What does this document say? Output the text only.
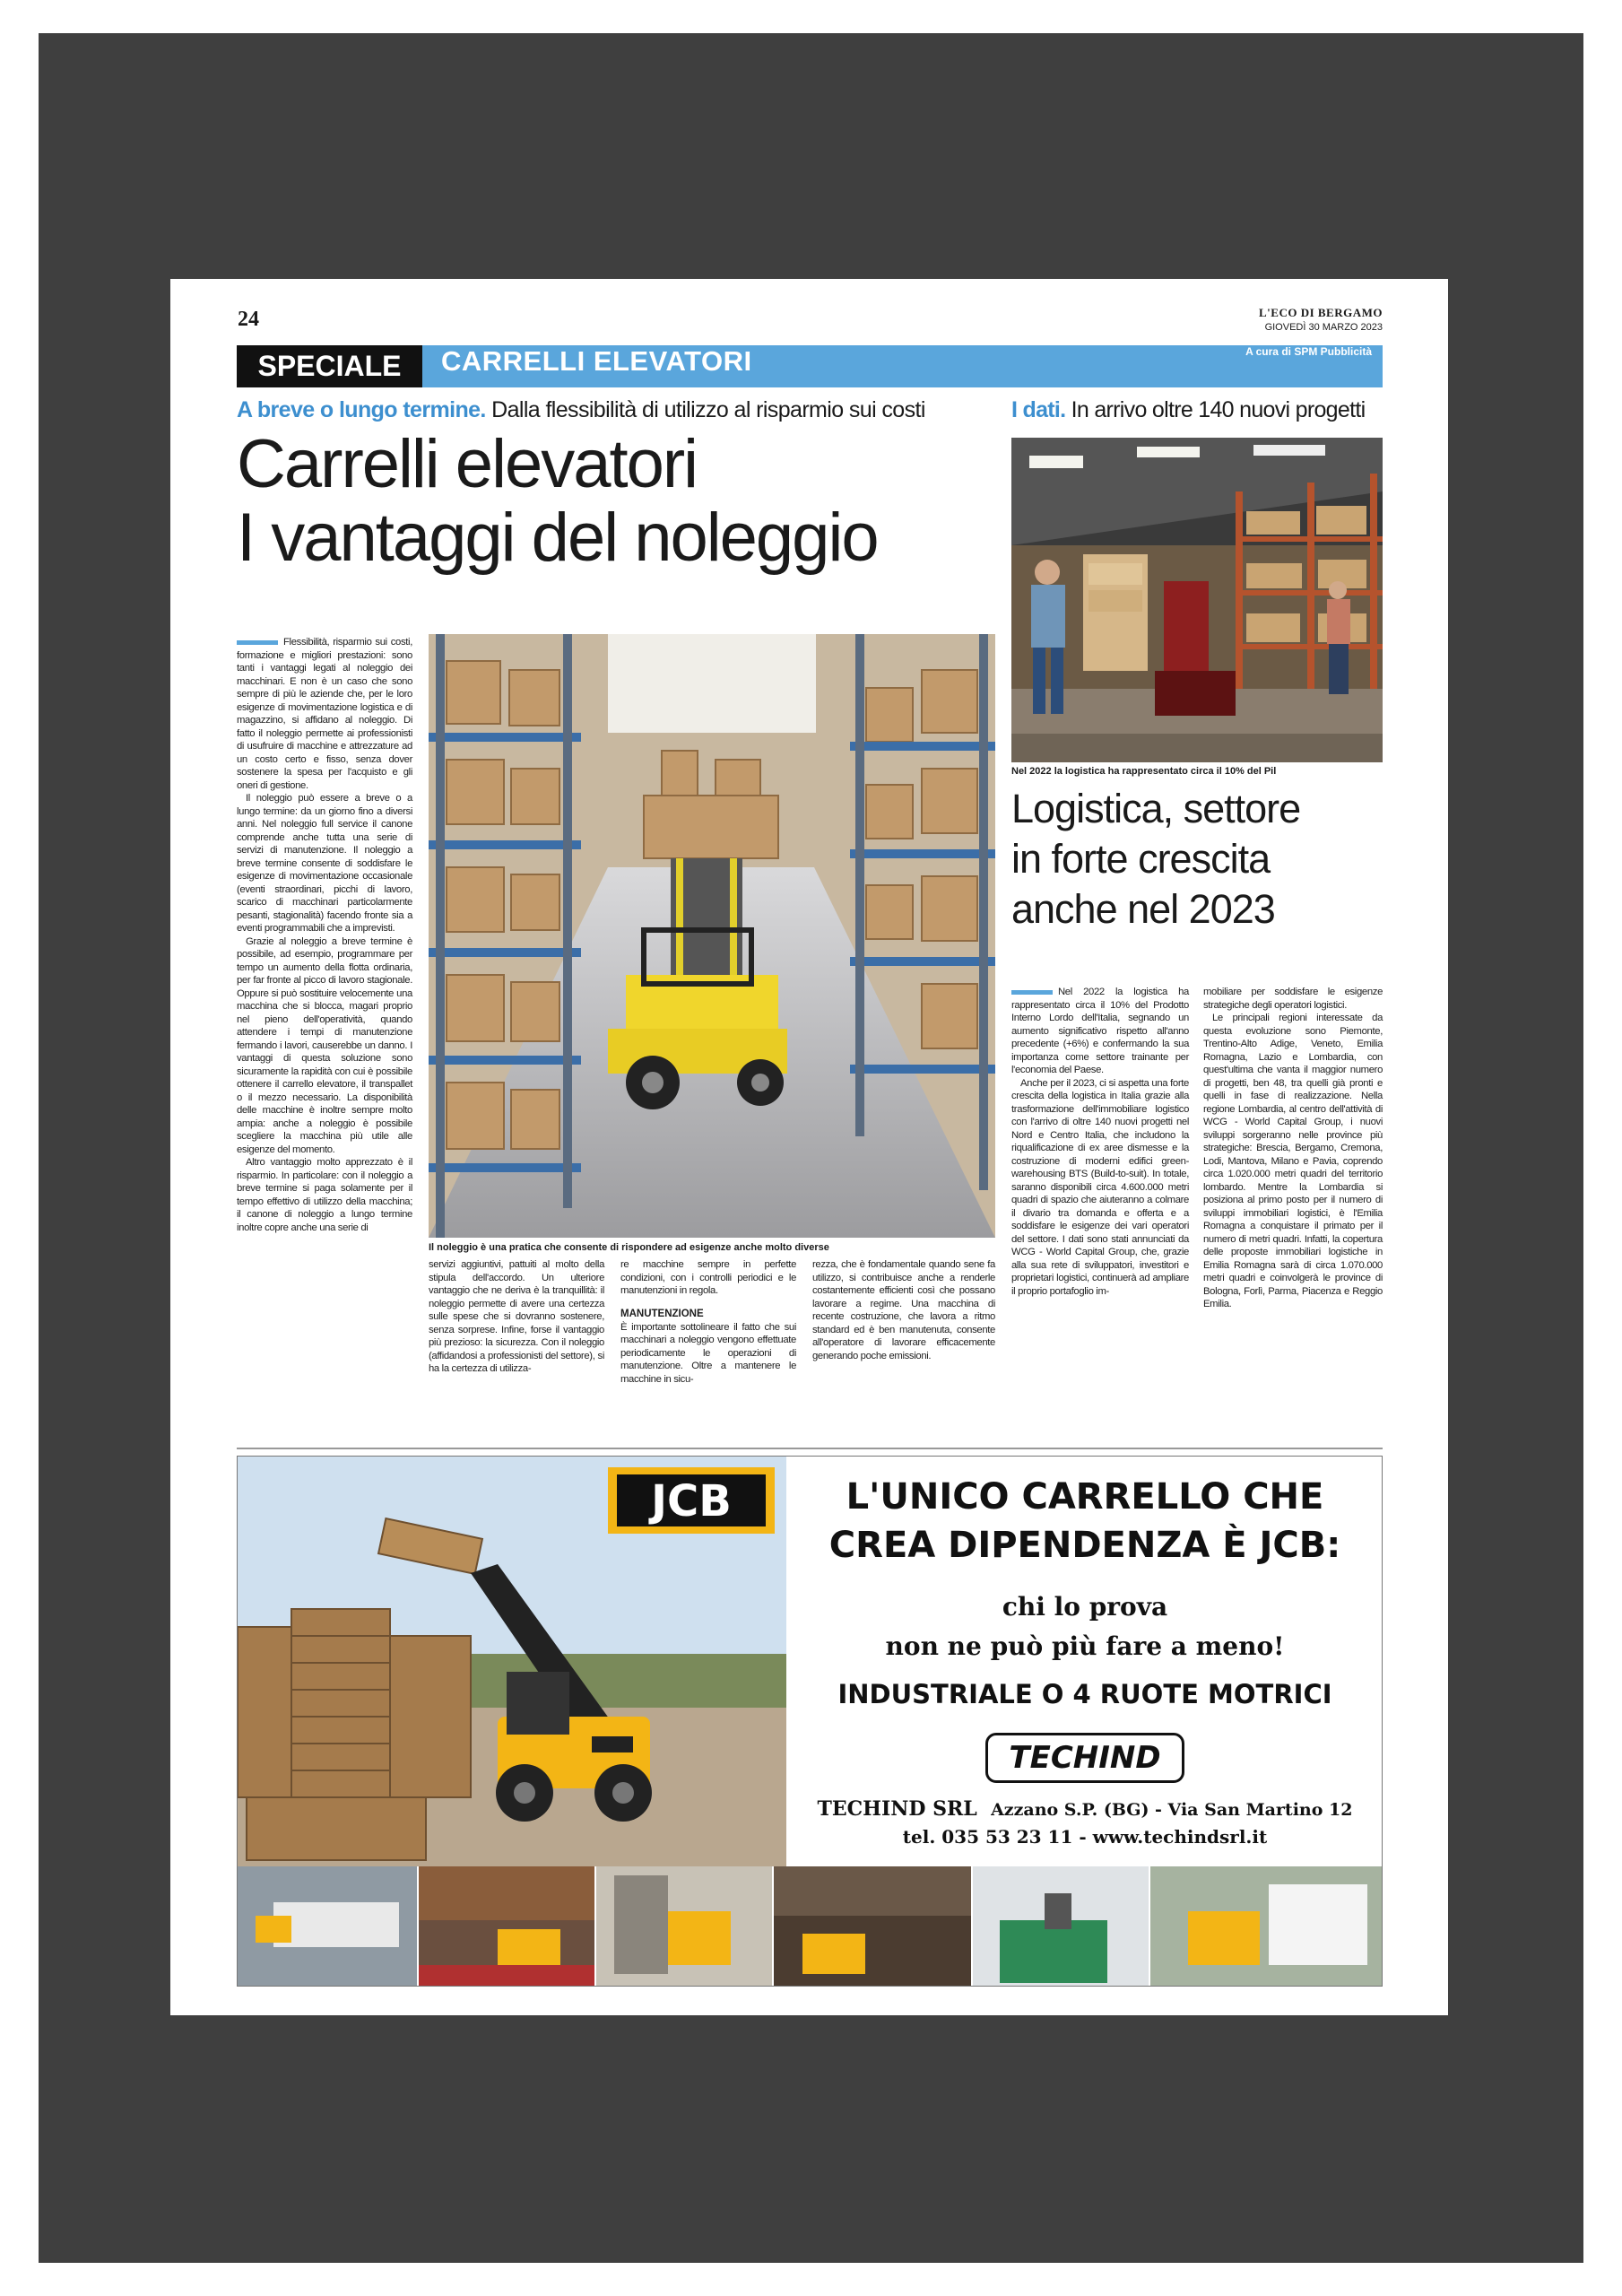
24	L'ECO DI BERGAMO
GIOVEDÌ 30 MARZO 2023
SPECIALE	CARRELLI ELEVATORI	A cura di SPM Pubblicità
A breve o lungo termine. Dalla flessibilità di utilizzo al risparmio sui costi	I dati. In arrivo oltre 140 nuovi progetti
Carrelli elevatori
I vantaggi del noleggio
Nel 2022 la logistica ha rappresentato circa il 10% del Pil
Logistica, settore
in forte crescita
anche nel 2023
Il noleggio è una pratica che consente di rispondere ad esigenze anche molto diverse

Flessibilità, risparmio sui costi, formazione e migliori prestazioni: sono tanti i vantaggi legati al noleggio dei macchinari. E non è un caso che sono sempre di più le aziende che, per le loro esigenze di movimentazione logistica e di magazzino, si affidano al noleggio. Di fatto il noleggio permette ai professionisti di usufruire di macchine e attrezzature ad un costo certo e fisso, senza dover sostenere la spesa per l'acquisto e gli oneri di gestione.

Il noleggio può essere a breve o a lungo termine: da un giorno fino a diversi anni. Nel noleggio full service il canone comprende anche tutta una serie di servizi di manutenzione. Il noleggio a breve termine consente di soddisfare le esigenze di movimentazione occasionale (eventi straordinari, picchi di lavoro, scarico di macchinari particolarmente pesanti, stagionalità) facendo fronte sia a eventi programmabili che a imprevisti.

Grazie al noleggio a breve termine è possibile, ad esempio, programmare per tempo un aumento della flotta ordinaria, per far fronte al picco di lavoro stagionale. Oppure si può sostituire velocemente una macchina che si blocca, magari proprio nel pieno dell'operatività, quando attendere i tempi di manutenzione fermando i lavori, causerebbe un danno. I vantaggi di questa soluzione sono sicuramente la rapidità con cui è possibile ottenere il carrello elevatore, il transpallet o il mezzo necessario. La disponibilità delle macchine è inoltre sempre molto ampia: anche a noleggio è possibile scegliere la macchina più utile alle esigenze del momento.

Altro vantaggio molto apprezzato è il risparmio. In particolare: con il noleggio a breve termine si paga solamente per il tempo effettivo di utilizzo della macchina; il canone di noleggio a lungo termine inoltre copre anche una serie di

servizi aggiuntivi, pattuiti al molto della stipula dell'accordo. Un ulteriore vantaggio che ne deriva è la tranquillità: il noleggio permette di avere una certezza sulle spese che si dovranno sostenere, senza sorprese. Infine, forse il vantaggio più prezioso: la sicurezza. Con il noleggio (affidandosi a professionisti del settore), si ha la certezza di utilizza-

re macchine sempre in perfette condizioni, con i controlli periodici e le manutenzioni in regola.

MANUTENZIONE

È importante sottolineare il fatto che sui macchinari a noleggio vengono effettuate periodicamente le operazioni di manutenzione. Oltre a mantenere le macchine in sicu-

rezza, che è fondamentale quando sene fa utilizzo, si contribuisce anche a renderle costantemente efficienti così che possano lavorare a regime. Una macchina di recente costruzione, che lavora a ritmo standard ed è ben manutenuta, consente all'operatore di lavorare efficacemente generando poche emissioni.

Nel 2022 la logistica ha rappresentato circa il 10% del Prodotto Interno Lordo dell'Italia, segnando un aumento significativo rispetto all'anno precedente (+6%) e confermando la sua importanza come settore trainante per l'economia del Paese.

Anche per il 2023, ci si aspetta una forte crescita della logistica in Italia grazie alla trasformazione dell'immobiliare logistico con l'arrivo di oltre 140 nuovi progetti nel Nord e Centro Italia, che includono la riqualificazione di ex aree dismesse e la costruzione di moderni edifici green-warehousing BTS (Build-to-suit). In totale, saranno disponibili circa 4.600.000 metri quadri di spazio che aiuteranno a colmare il divario tra domanda e offerta e a soddisfare le esigenze dei vari operatori del settore. I dati sono stati annunciati da WCG - World Capital Group, che, grazie alla sua rete di sviluppatori, investitori e proprietari logistici, continuerà ad ampliare il proprio portafoglio im-

mobiliare per soddisfare le esigenze strategiche degli operatori logistici.

Le principali regioni interessate da questa evoluzione sono Piemonte, Trentino-Alto Adige, Veneto, Emilia Romagna, Lazio e Lombardia, con quest'ultima che vanta il maggior numero di progetti, ben 48, tra quelli già pronti e quelli in fase di realizzazione. Nella regione Lombardia, al centro dell'attività di WCG - World Capital Group, i nuovi sviluppi sorgeranno nelle province più strategiche: Brescia, Bergamo, Cremona, Lodi, Mantova, Milano e Pavia, coprendo circa 1.020.000 metri quadri del territorio lombardo. Mentre la Lombardia si posiziona al primo posto per il numero di sviluppi immobiliari logistici, è l'Emilia Romagna a conquistare il primato per il numero di metri quadri. Infatti, la copertura delle proposte immobiliari logistiche in Emilia Romagna sarà di circa 1.070.000 metri quadri e coinvolgerà le province di Bologna, Forlì, Parma, Piacenza e Reggio Emilia.

JCB	L'UNICO CARRELLO CHE
CREA DIPENDENZA È JCB:
chi lo prova
non ne può più fare a meno!
INDUSTRIALE O 4 RUOTE MOTRICI
TECHIND
TECHIND SRL Azzano S.P. (BG) - Via San Martino 12
tel. 035 53 23 11 - www.techindsrl.it
